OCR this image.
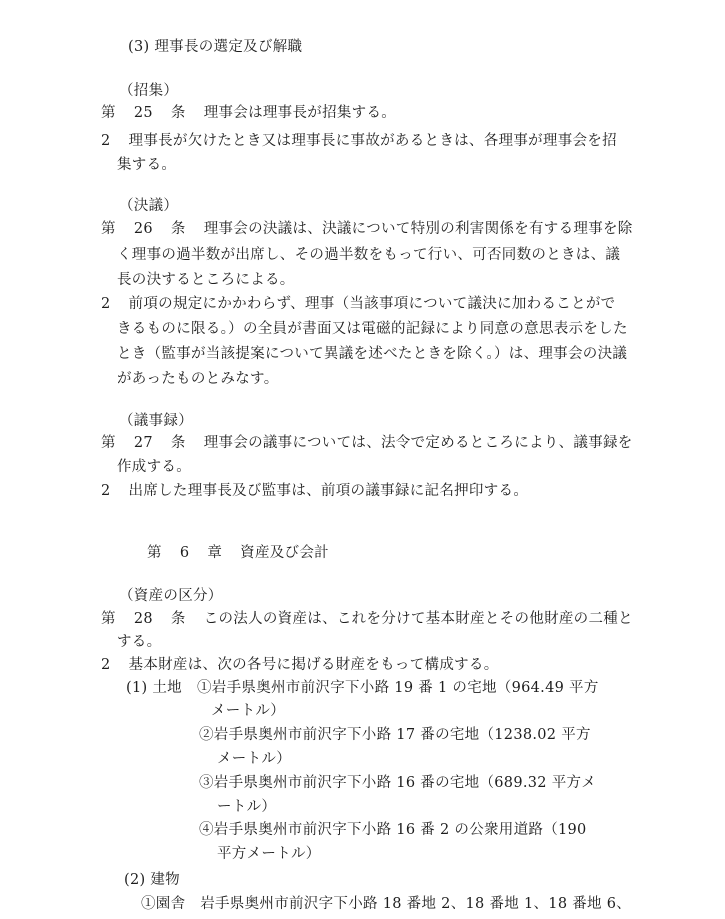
(3) 理事長の選定及び解職
（招集）
第 25 条 理事会は理事長が招集する。
2 理事長が欠けたとき又は理事長に事故があるときは、各理事が理事会を招
集する。
（決議）
第 26 条 理事会の決議は、決議について特別の利害関係を有する理事を除
く理事の過半数が出席し、その過半数をもって行い、可否同数のときは、議
長の決するところによる。
2 前項の規定にかかわらず、理事（当該事項について議決に加わることがで
きるものに限る。）の全員が書面又は電磁的記録により同意の意思表示をした
とき（監事が当該提案について異議を述べたときを除く。）は、理事会の決議
があったものとみなす。
（議事録）
第 27 条 理事会の議事については、法令で定めるところにより、議事録を
作成する。
2 出席した理事長及び監事は、前項の議事録に記名押印する。
第 6 章 資産及び会計
（資産の区分）
第 28 条 この法人の資産は、これを分けて基本財産とその他財産の二種と
する。
2 基本財産は、次の各号に掲げる財産をもって構成する。
(1) 土地 ①岩手県奥州市前沢字下小路 19 番 1 の宅地（964.49 平方
メートル）
②岩手県奥州市前沢字下小路 17 番の宅地（1238.02 平方
メートル）
③岩手県奥州市前沢字下小路 16 番の宅地（689.32 平方メ
ートル）
④岩手県奥州市前沢字下小路 16 番 2 の公衆用道路（190
平方メートル）
(2) 建物
①園舎　岩手県奥州市前沢字下小路 18 番地 2、18 番地 1、18 番地 6、
